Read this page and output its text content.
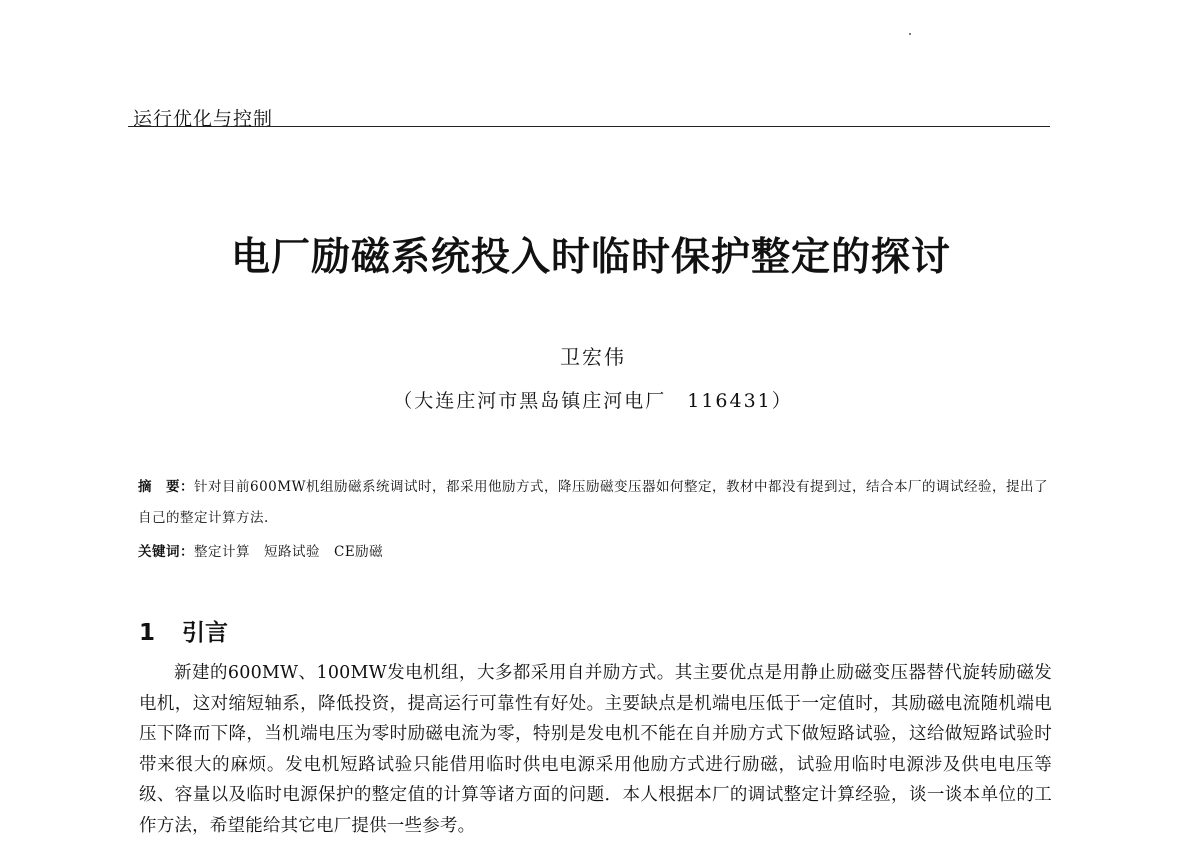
运行优化与控制
电厂励磁系统投入时临时保护整定的探讨
卫宏伟
（大连庄河市黑岛镇庄河电厂　116431）
摘　要：针对目前600MW机组励磁系统调试时，都采用他励方式，降压励磁变压器如何整定，教材中都没有提到过，结合本厂的调试经验，提出了自己的整定计算方法.
关键词：整定计算　短路试验　CE励磁
1 引言
新建的600MW、100MW发电机组，大多都采用自并励方式。其主要优点是用静止励磁变压器替代旋转励磁发电机，这对缩短轴系，降低投资，提高运行可靠性有好处。主要缺点是机端电压低于一定值时，其励磁电流随机端电压下降而下降，当机端电压为零时励磁电流为零，特别是发电机不能在自并励方式下做短路试验，这给做短路试验时带来很大的麻烦。发电机短路试验只能借用临时供电电源采用他励方式进行励磁，试验用临时电源涉及供电电压等级、容量以及临时电源保护的整定值的计算等诸方面的问题．本人根据本厂的调试整定计算经验，谈一谈本单位的工作方法，希望能给其它电厂提供一些参考。
